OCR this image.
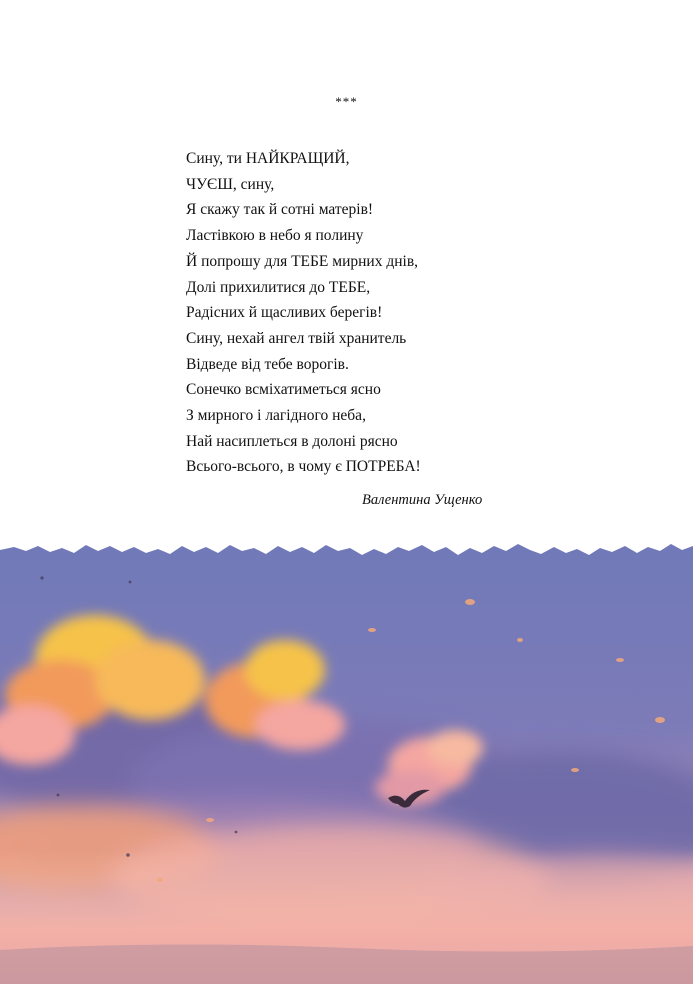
***
Сину, ти НАЙКРАЩИЙ,
ЧУЄШ, сину,
Я скажу так й сотні матерів!
Ластівкою в небо я полину
Й попрошу для ТЕБЕ мирних днів,
Долі прихилитися до ТЕБЕ,
Радісних й щасливих берегів!
Сину, нехай ангел твій хранитель
Відведе від тебе ворогів.
Сонечко всміхатиметься ясно
З мирного і лагідного неба,
Най насиплеться в долоні рясно
Всього-всього, в чому є ПОТРЕБА!
Валентина Ущенко
